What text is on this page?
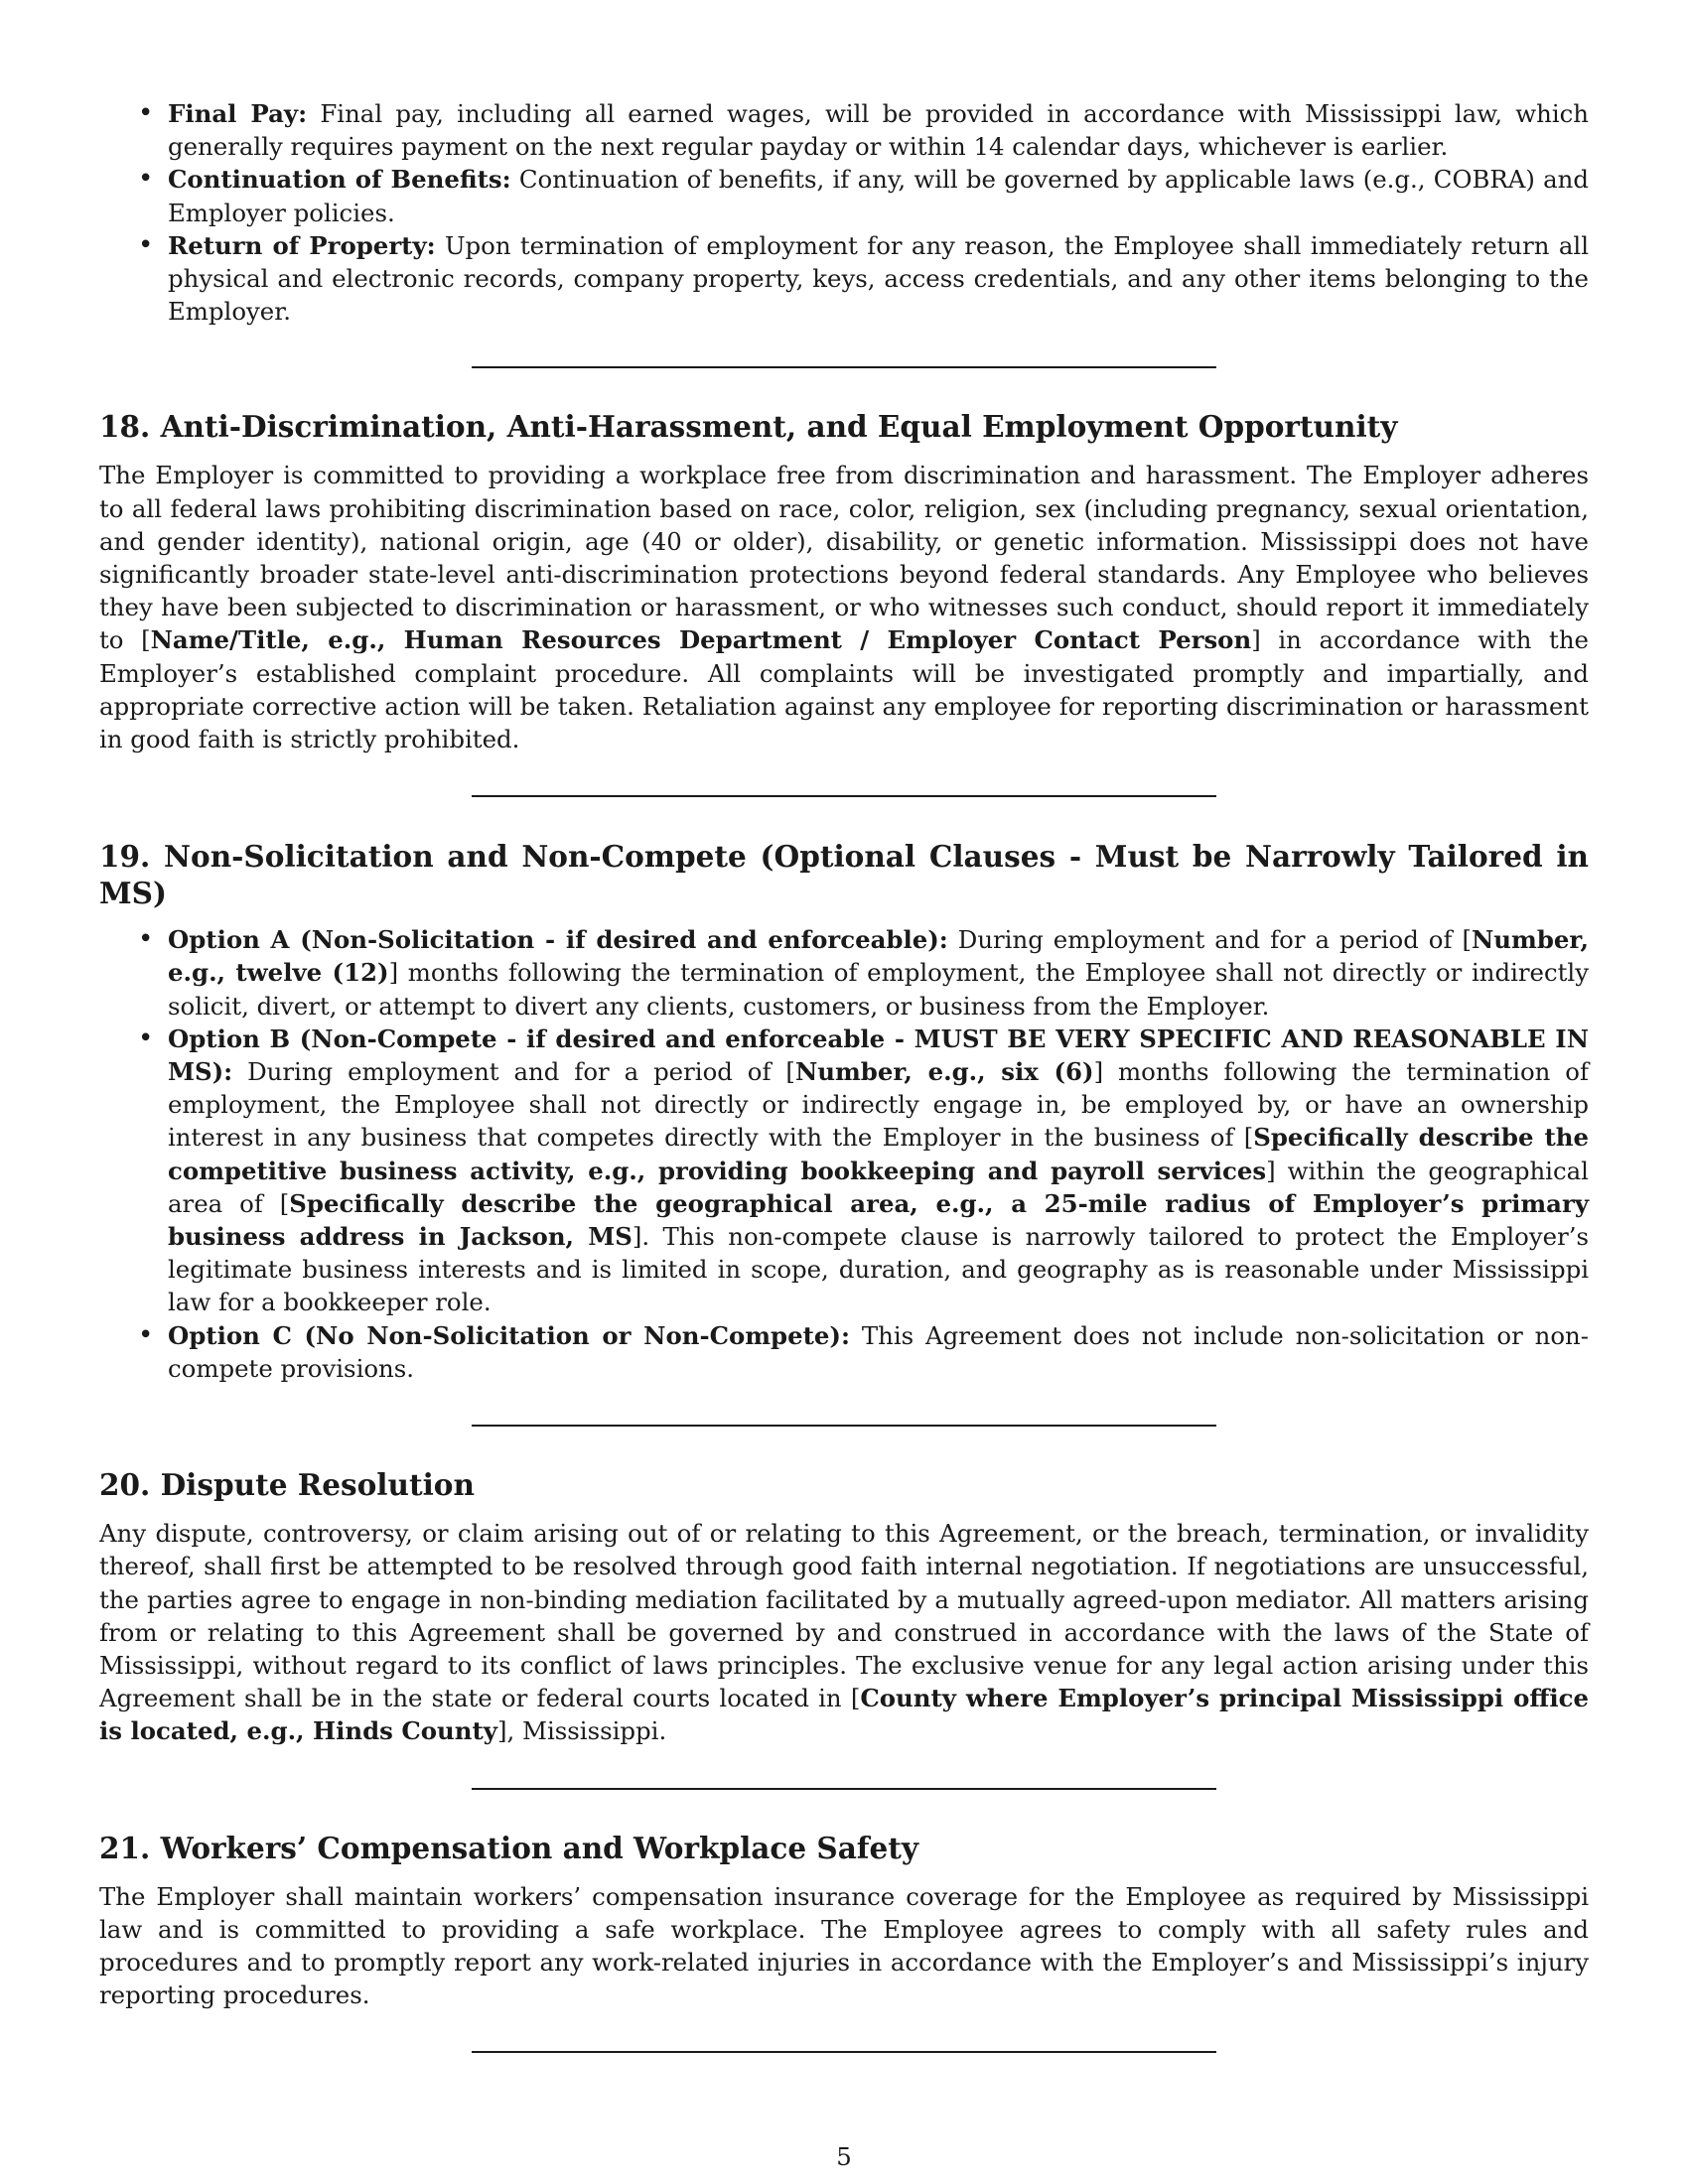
• Final Pay: Final pay, including all earned wages, will be provided in accordance with Mississippi law, which generally requires payment on the next regular payday or within 14 calendar days, whichever is earlier.
• Continuation of Benefits: Continuation of benefits, if any, will be governed by applicable laws (e.g., COBRA) and Employer policies.
• Return of Property: Upon termination of employment for any reason, the Employee shall immediately return all physical and electronic records, company property, keys, access credentials, and any other items belonging to the Employer.
18. Anti-Discrimination, Anti-Harassment, and Equal Employment Opportunity

The Employer is committed to providing a workplace free from discrimination and harassment. The Employer adheres to all federal laws prohibiting discrimination based on race, color, religion, sex (including pregnancy, sexual orientation, and gender identity), national origin, age (40 or older), disability, or genetic information. Mississippi does not have significantly broader state-level anti-discrimination protections beyond federal standards. Any Employee who believes they have been subjected to discrimination or harassment, or who witnesses such conduct, should report it immediately to [Name/Title, e.g., Human Resources Department / Employer Contact Person] in accordance with the Employer’s established complaint procedure. All complaints will be investigated promptly and impartially, and appropriate corrective action will be taken. Retaliation against any employee for reporting discrimination or harassment in good faith is strictly prohibited.

19. Non-Solicitation and Non-Compete (Optional Clauses - Must be Narrowly Tailored in MS)
• Option A (Non-Solicitation - if desired and enforceable): During employment and for a period of [Number, e.g., twelve (12)] months following the termination of employment, the Employee shall not directly or indirectly solicit, divert, or attempt to divert any clients, customers, or business from the Employer.
• Option B (Non-Compete - if desired and enforceable - MUST BE VERY SPECIFIC AND REASONABLE IN MS): During employment and for a period of [Number, e.g., six (6)] months following the termination of employment, the Employee shall not directly or indirectly engage in, be employed by, or have an ownership interest in any business that competes directly with the Employer in the business of [Specifically describe the competitive business activity, e.g., providing bookkeeping and payroll services] within the geographical area of [Specifically describe the geographical area, e.g., a 25-mile radius of Employer’s primary business address in Jackson, MS]. This non-compete clause is narrowly tailored to protect the Employer’s legitimate business interests and is limited in scope, duration, and geography as is reasonable under Mississippi law for a bookkeeper role.
• Option C (No Non-Solicitation or Non-Compete): This Agreement does not include non-solicitation or noncompete provisions.
20. Dispute Resolution

Any dispute, controversy, or claim arising out of or relating to this Agreement, or the breach, termination, or invalidity thereof, shall first be attempted to be resolved through good faith internal negotiation. If negotiations are unsuccessful, the parties agree to engage in non-binding mediation facilitated by a mutually agreed-upon mediator. All matters arising from or relating to this Agreement shall be governed by and construed in accordance with the laws of the State of Mississippi, without regard to its conflict of laws principles. The exclusive venue for any legal action arising under this Agreement shall be in the state or federal courts located in [County where Employer’s principal Mississippi office is located, e.g., Hinds County], Mississippi.

21. Workers’ Compensation and Workplace Safety

The Employer shall maintain workers’ compensation insurance coverage for the Employee as required by Mississippi law and is committed to providing a safe workplace. The Employee agrees to comply with all safety rules and procedures and to promptly report any work-related injuries in accordance with the Employer’s and Mississippi’s injury reporting procedures.

5
